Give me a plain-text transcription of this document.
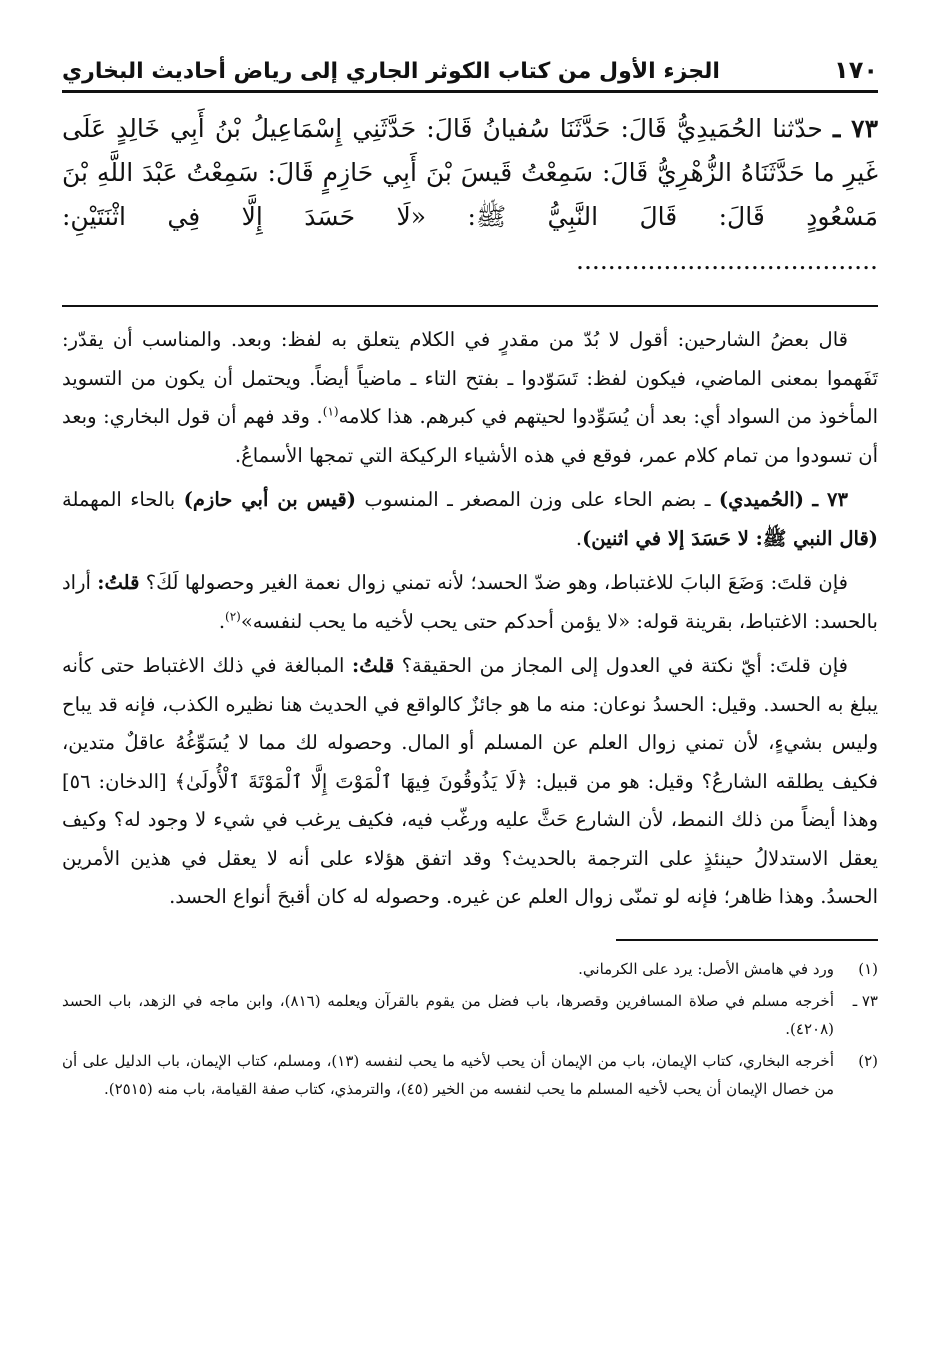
١٧٠
الجزء الأول من كتاب الكوثر الجاري إلى رياض أحاديث البخاري
٧٣ ـ حدّثنا الحُمَيدِيُّ قَالَ: حَدَّثَنَا سُفيانُ قَالَ: حَدَّثَنِي إِسْمَاعِيلُ بْنُ أَبِي خَالِدٍ عَلَى غَيرِ ما حَدَّثَنَاهُ الزُّهْرِيُّ قَالَ: سَمِعْتُ قَيسَ بْنَ أَبِي حَازِمٍ قَالَ: سَمِعْتُ عَبْدَ اللَّهِ بْنَ مَسْعُودٍ قَالَ: قَالَ النَّبِيُّ ﷺ: «لَا حَسَدَ إِلَّا فِي اثْنَتَيْنِ: ......................................

قال بعضُ الشارحين: أقول لا بُدّ من مقدرٍ في الكلام يتعلق به لفظ: وبعد. والمناسب أن يقدّر: تَفَهموا بمعنى الماضي، فيكون لفظ: تَسَوّدوا ـ بفتح التاء ـ ماضياً أيضاً. ويحتمل أن يكون من التسويد المأخوذ من السواد أي: بعد أن يُسَوِّدوا لحيتهم في كبرهم. هذا كلامه$^{(١)}$. وقد فهم أن قول البخاري: وبعد أن تسودوا من تمام كلام عمر، فوقع في هذه الأشياء الركيكة التي تمجها الأسماعُ.

٧٣ ـ (الحُميدي) ـ بضم الحاء على وزن المصغر ـ المنسوب (قيس بن أبي حازم) بالحاء المهملة (قال النبي ﷺ: لا حَسَدَ إلا في اثنين).

فإن قلتَ: وَضَعَ البابَ للاغتباط، وهو ضدّ الحسد؛ لأنه تمني زوال نعمة الغير وحصولها لَكَ؟ قلتُ: أراد بالحسد: الاغتباط، بقرينة قوله: «لا يؤمن أحدكم حتى يحب لأخيه ما يحب لنفسه»$^{(٢)}$.

فإن قلتَ: أيّ نكتة في العدول إلى المجاز من الحقيقة؟ قلتُ: المبالغة في ذلك الاغتباط حتى كأنه يبلغ به الحسد. وقيل: الحسدُ نوعان: منه ما هو جائزٌ كالواقع في الحديث هنا نظيره الكذب، فإنه قد يباح وليس بشيءٍ، لأن تمني زوال العلم عن المسلم أو المال. وحصوله لك مما لا يُسَوِّغُهُ عاقلٌ متدين، فكيف يطلقه الشارعُ؟ وقيل: هو من قبيل: ﴿لَا يَذُوقُونَ فِيهَا ٱلْمَوْتَ إِلَّا ٱلْمَوْتَةَ ٱلْأُولَىٰ﴾ [الدخان: ٥٦] وهذا أيضاً من ذلك النمط، لأن الشارع حَثَّ عليه ورغّب فيه، فكيف يرغب في شيء لا وجود له؟ وكيف يعقل الاستدلالُ حينئذٍ على الترجمة بالحديث؟ وقد اتفق هؤلاء على أنه لا يعقل في هذين الأمرين الحسدُ. وهذا ظاهر؛ فإنه لو تمنّى زوال العلم عن غيره. وحصوله له كان أقبحَ أنواع الحسد.

(١)
ورد في هامش الأصل: يرد على الكرماني.
٧٣ ـ
أخرجه مسلم في صلاة المسافرين وقصرها، باب فضل من يقوم بالقرآن ويعلمه (٨١٦)، وابن ماجه في الزهد، باب الحسد (٤٢٠٨).
(٢)
أخرجه البخاري، كتاب الإيمان، باب من الإيمان أن يحب لأخيه ما يحب لنفسه (١٣)، ومسلم، كتاب الإيمان، باب الدليل على أن من خصال الإيمان أن يحب لأخيه المسلم ما يحب لنفسه من الخير (٤٥)، والترمذي، كتاب صفة القيامة، باب منه (٢٥١٥).
